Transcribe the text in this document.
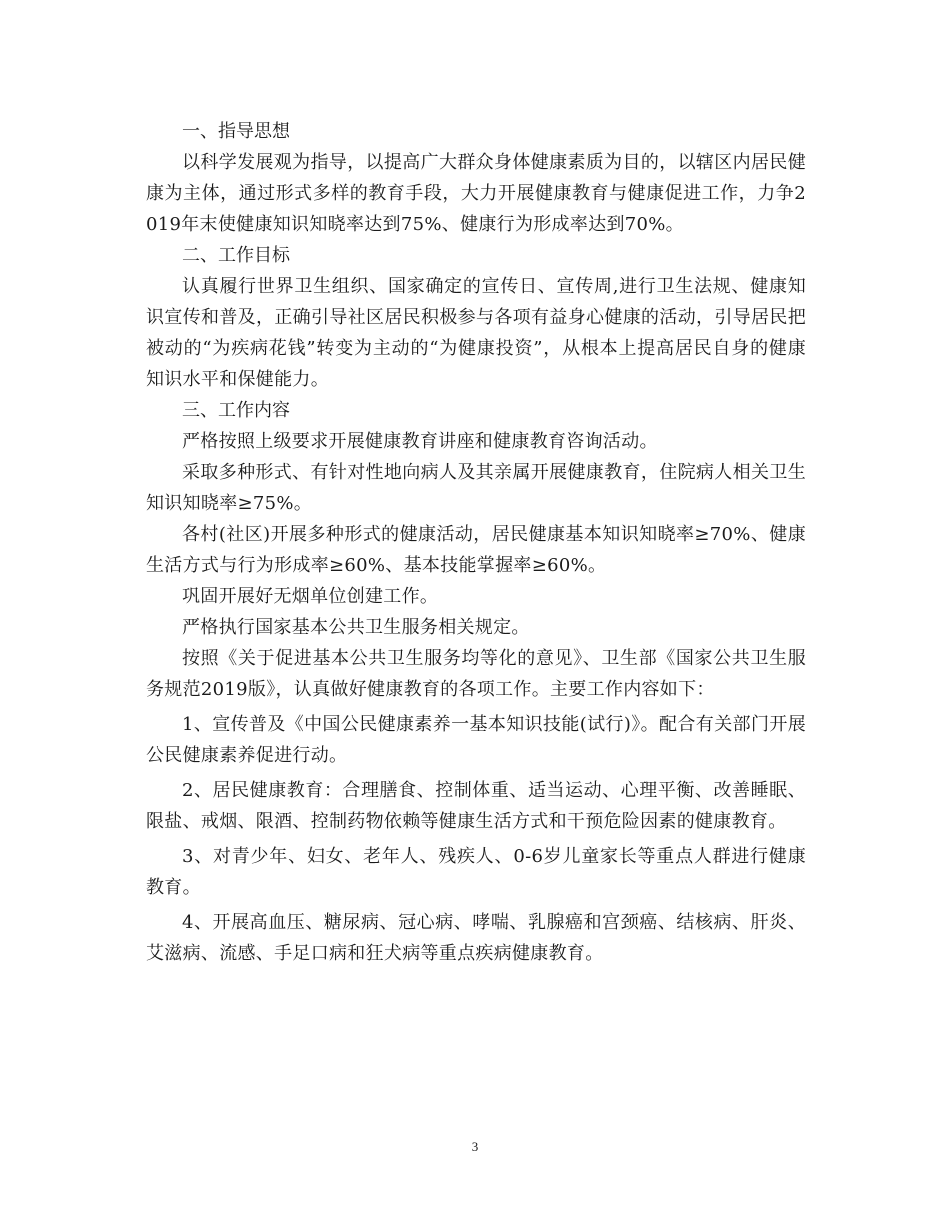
一、指导思想

以科学发展观为指导，以提高广大群众身体健康素质为目的，以辖区内居民健康为主体，通过形式多样的教育手段，大力开展健康教育与健康促进工作，力争2019年末使健康知识知晓率达到75%、健康行为形成率达到70%。

二、工作目标

认真履行世界卫生组织、国家确定的宣传日、宣传周,进行卫生法规、健康知识宣传和普及，正确引导社区居民积极参与各项有益身心健康的活动，引导居民把被动的“为疾病花钱”转变为主动的“为健康投资”，从根本上提高居民自身的健康知识水平和保健能力。

三、工作内容

严格按照上级要求开展健康教育讲座和健康教育咨询活动。

采取多种形式、有针对性地向病人及其亲属开展健康教育，住院病人相关卫生知识知晓率≥75%。

各村(社区)开展多种形式的健康活动，居民健康基本知识知晓率≥70%、健康生活方式与行为形成率≥60%、基本技能掌握率≥60%。

巩固开展好无烟单位创建工作。

严格执行国家基本公共卫生服务相关规定。

按照《关于促进基本公共卫生服务均等化的意见》、卫生部《国家公共卫生服务规范2019版》，认真做好健康教育的各项工作。主要工作内容如下：

1、宣传普及《中国公民健康素养一基本知识技能(试行)》。配合有关部门开展公民健康素养促进行动。

2、居民健康教育：合理膳食、控制体重、适当运动、心理平衡、改善睡眠、限盐、戒烟、限酒、控制药物依赖等健康生活方式和干预危险因素的健康教育。

3、对青少年、妇女、老年人、残疾人、0-6岁儿童家长等重点人群进行健康教育。

4、开展高血压、糖尿病、冠心病、哮喘、乳腺癌和宫颈癌、结核病、肝炎、艾滋病、流感、手足口病和狂犬病等重点疾病健康教育。

3
